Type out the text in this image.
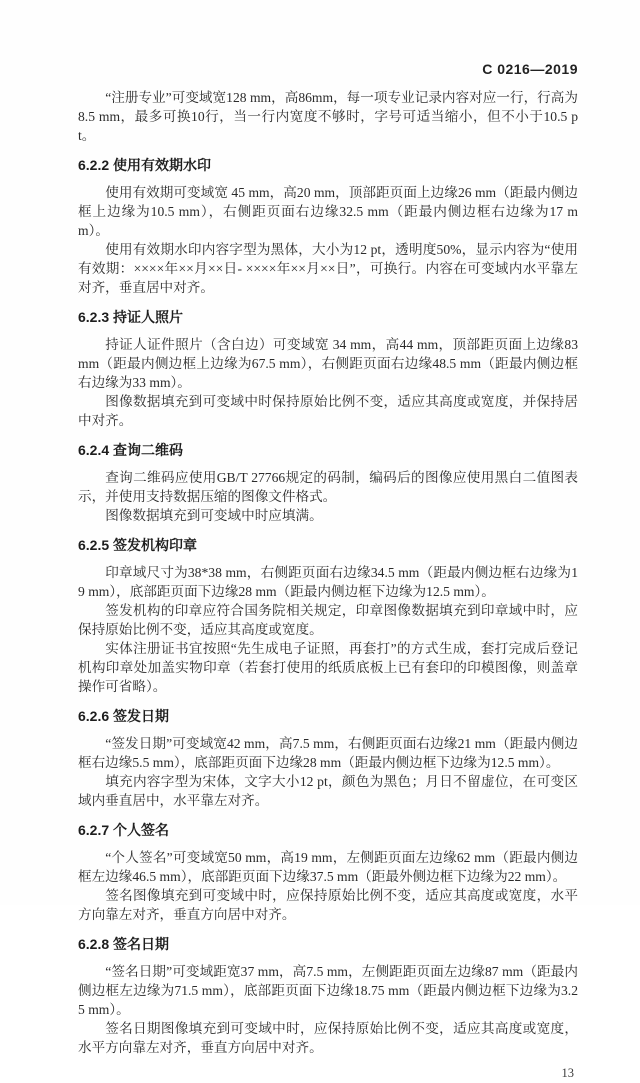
C 0216—2019

“注册专业”可变域宽128 mm，高86mm，每一项专业记录内容对应一行，行高为8.5 mm，最多可换10行，当一行内宽度不够时，字号可适当缩小，但不小于10.5 pt。

6.2.2 使用有效期水印

使用有效期可变域宽 45 mm，高20 mm，顶部距页面上边缘26 mm（距最内侧边框上边缘为10.5 mm），右侧距页面右边缘32.5 mm（距最内侧边框右边缘为17 mm）。

使用有效期水印内容字型为黑体，大小为12 pt，透明度50%，显示内容为“使用有效期：××××年××月××日- ××××年××月××日”，可换行。内容在可变域内水平靠左对齐，垂直居中对齐。

6.2.3 持证人照片

持证人证件照片（含白边）可变域宽 34 mm，高44 mm，顶部距页面上边缘83 mm（距最内侧边框上边缘为67.5 mm），右侧距页面右边缘48.5 mm（距最内侧边框右边缘为33 mm）。

图像数据填充到可变域中时保持原始比例不变，适应其高度或宽度，并保持居中对齐。

6.2.4 查询二维码

查询二维码应使用GB/T 27766规定的码制，编码后的图像应使用黑白二值图表示，并使用支持数据压缩的图像文件格式。

图像数据填充到可变域中时应填满。

6.2.5 签发机构印章

印章域尺寸为38*38 mm，右侧距页面右边缘34.5 mm（距最内侧边框右边缘为19 mm），底部距页面下边缘28 mm（距最内侧边框下边缘为12.5 mm）。

签发机构的印章应符合国务院相关规定，印章图像数据填充到印章域中时，应保持原始比例不变，适应其高度或宽度。

实体注册证书宜按照“先生成电子证照，再套打”的方式生成，套打完成后登记机构印章处加盖实物印章（若套打使用的纸质底板上已有套印的印模图像，则盖章操作可省略）。

6.2.6 签发日期

“签发日期”可变域宽42 mm，高7.5 mm，右侧距页面右边缘21 mm（距最内侧边框右边缘5.5 mm），底部距页面下边缘28 mm（距最内侧边框下边缘为12.5 mm）。

填充内容字型为宋体，文字大小12 pt，颜色为黑色；月日不留虚位，在可变区域内垂直居中，水平靠左对齐。

6.2.7 个人签名

“个人签名”可变域宽50 mm，高19 mm，左侧距页面左边缘62 mm（距最内侧边框左边缘46.5 mm），底部距页面下边缘37.5 mm（距最外侧边框下边缘为22 mm）。

签名图像填充到可变域中时，应保持原始比例不变，适应其高度或宽度，水平方向靠左对齐，垂直方向居中对齐。

6.2.8 签名日期

“签名日期”可变域距宽37 mm，高7.5 mm，左侧距距页面左边缘87 mm（距最内侧边框左边缘为71.5 mm），底部距页面下边缘18.75 mm（距最内侧边框下边缘为3.25 mm）。

签名日期图像填充到可变域中时，应保持原始比例不变，适应其高度或宽度，水平方向靠左对齐，垂直方向居中对齐。

13
